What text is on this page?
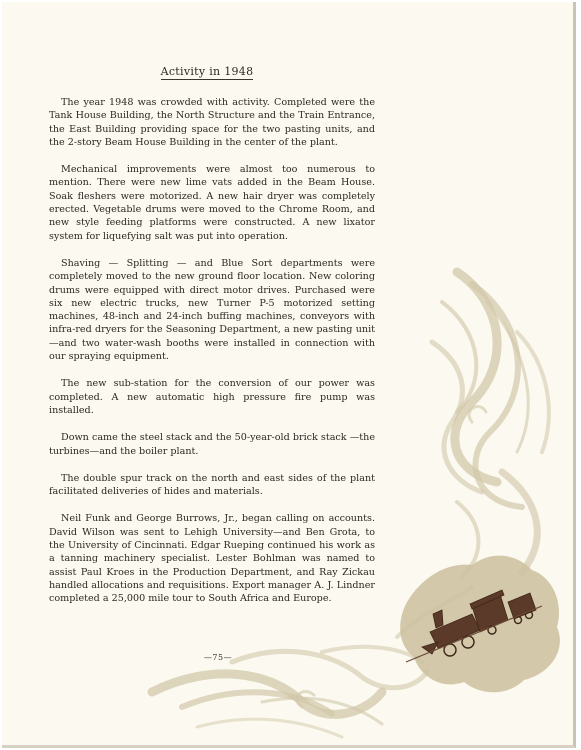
Activity in 1948

The year 1948 was crowded with activity. Completed were the Tank House Building, the North Structure and the Train Entrance, the East Building providing space for the two pasting units, and the 2-story Beam House Building in the center of the plant.

Mechanical improvements were almost too numerous to mention. There were new lime vats added in the Beam House. Soak fleshers were motorized. A new hair dryer was completely erected. Vegetable drums were moved to the Chrome Room, and new style feeding platforms were constructed. A new lixator system for liquefying salt was put into operation.

Shaving — Splitting — and Blue Sort departments were completely moved to the new ground floor location. New coloring drums were equipped with direct motor drives. Purchased were six new electric trucks, new Turner P-5 motorized setting machines, 48-inch and 24-inch buffing machines, conveyors with infra-red dryers for the Seasoning Department, a new pasting unit—and two water-wash booths were installed in connection with our spraying equipment.

The new sub-station for the conversion of our power was completed. A new automatic high pressure fire pump was installed.

Down came the steel stack and the 50-year-old brick stack —the turbines—and the boiler plant.

The double spur track on the north and east sides of the plant facilitated deliveries of hides and materials.

Neil Funk and George Burrows, Jr., began calling on accounts. David Wilson was sent to Lehigh University—and Ben Grota, to the University of Cincinnati. Edgar Rueping continued his work as a tanning machinery specialist. Lester Bohlman was named to assist Paul Kroes in the Production Department, and Ray Zickau handled allocations and requisitions. Export manager A. J. Lindner completed a 25,000 mile tour to South Africa and Europe.

—75—
